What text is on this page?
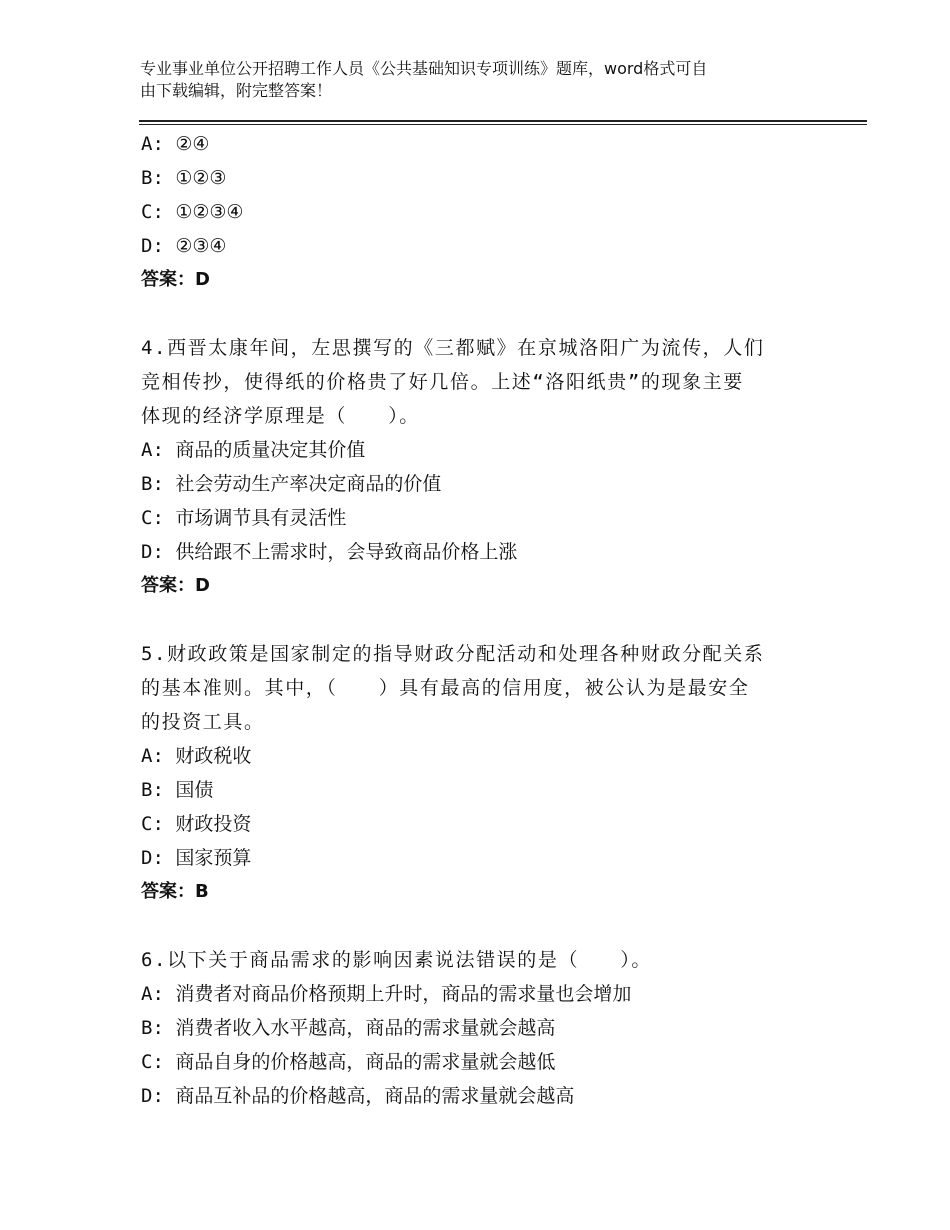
专业事业单位公开招聘工作人员《公共基础知识专项训练》题库，word格式可自
由下载编辑，附完整答案！
A: ②④
B: ①②③
C: ①②③④
D: ②③④
答案：D
4.西晋太康年间，左思撰写的《三都赋》在京城洛阳广为流传，人们
竞相传抄，使得纸的价格贵了好几倍。上述“洛阳纸贵”的现象主要
体现的经济学原理是（　　）。
A: 商品的质量决定其价值
B: 社会劳动生产率决定商品的价值
C: 市场调节具有灵活性
D: 供给跟不上需求时，会导致商品价格上涨
答案：D
5.财政政策是国家制定的指导财政分配活动和处理各种财政分配关系
的基本准则。其中，（　　）具有最高的信用度，被公认为是最安全
的投资工具。
A: 财政税收
B: 国债
C: 财政投资
D: 国家预算
答案：B
6.以下关于商品需求的影响因素说法错误的是（　　）。
A: 消费者对商品价格预期上升时，商品的需求量也会增加
B: 消费者收入水平越高，商品的需求量就会越高
C: 商品自身的价格越高，商品的需求量就会越低
D: 商品互补品的价格越高，商品的需求量就会越高
